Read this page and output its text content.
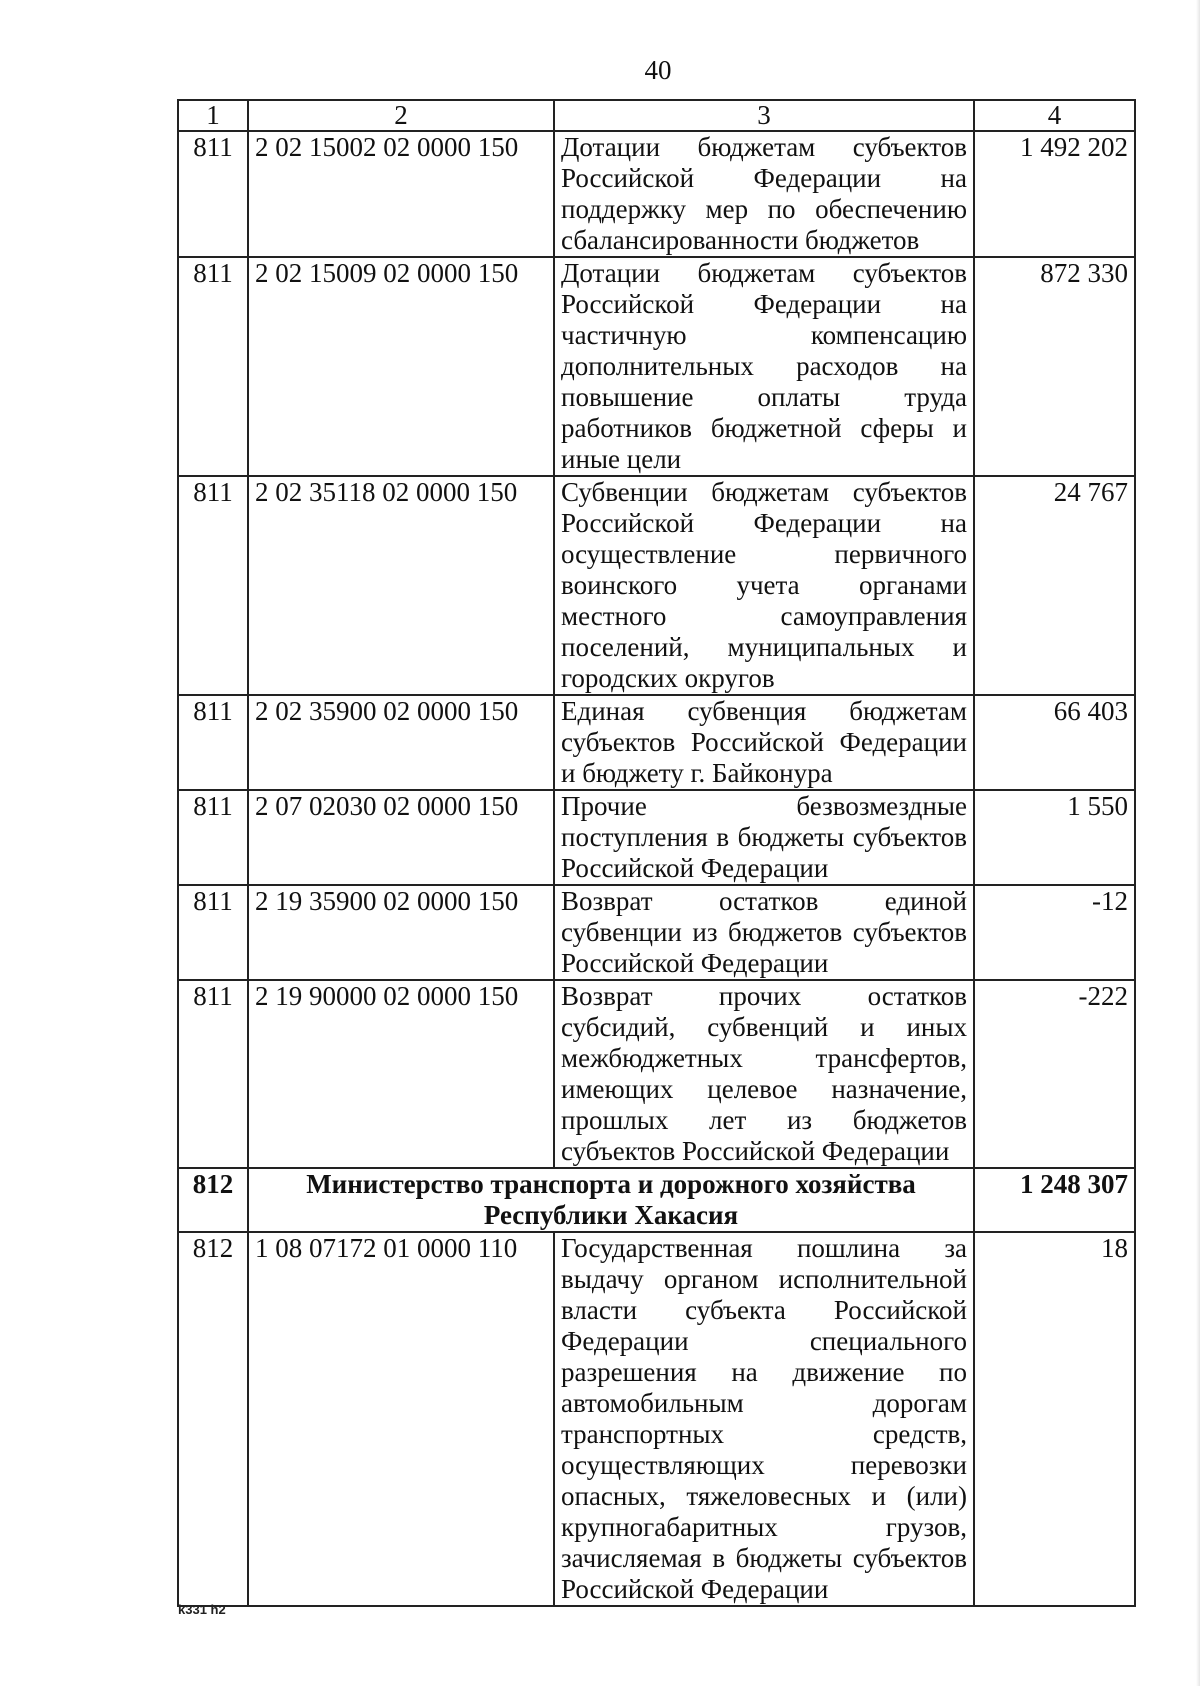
40
1	2	3	4
811	2 02 15002 02 0000 150	Дотации бюджетам субъектов Российской Федерации на поддержку мер по обеспечению сбалансированности бюджетов	1 492 202
811	2 02 15009 02 0000 150	Дотации бюджетам субъектов Российской Федерации на частичную компенсацию дополнительных расходов на повышение оплаты труда работников бюджетной сферы и иные цели	872 330
811	2 02 35118 02 0000 150	Субвенции бюджетам субъектов Российской Федерации на осуществление первичного воинского учета органами местного самоуправления поселений, муниципальных и городских округов	24 767
811	2 02 35900 02 0000 150	Единая субвенция бюджетам субъектов Российской Федерации и бюджету г. Байконура	66 403
811	2 07 02030 02 0000 150	Прочие безвозмездные поступления в бюджеты субъектов Российской Федерации	1 550
811	2 19 35900 02 0000 150	Возврат остатков единой субвенции из бюджетов субъектов Российской Федерации	-12
811	2 19 90000 02 0000 150	Возврат прочих остатков субсидий, субвенций и иных межбюджетных трансфертов, имеющих целевое назначение, прошлых лет из бюджетов субъектов Российской Федерации	-222
812	Министерство транспорта и дорожного хозяйства Республики Хакасия		1 248 307
812	1 08 07172 01 0000 110	Государственная пошлина за выдачу органом исполнительной власти субъекта Российской Федерации специального разрешения на движение по автомобильным дорогам транспортных средств, осуществляющих перевозки опасных, тяжеловесных и (или) крупногабаритных грузов, зачисляемая в бюджеты субъектов Российской Федерации	18
k331 h2
